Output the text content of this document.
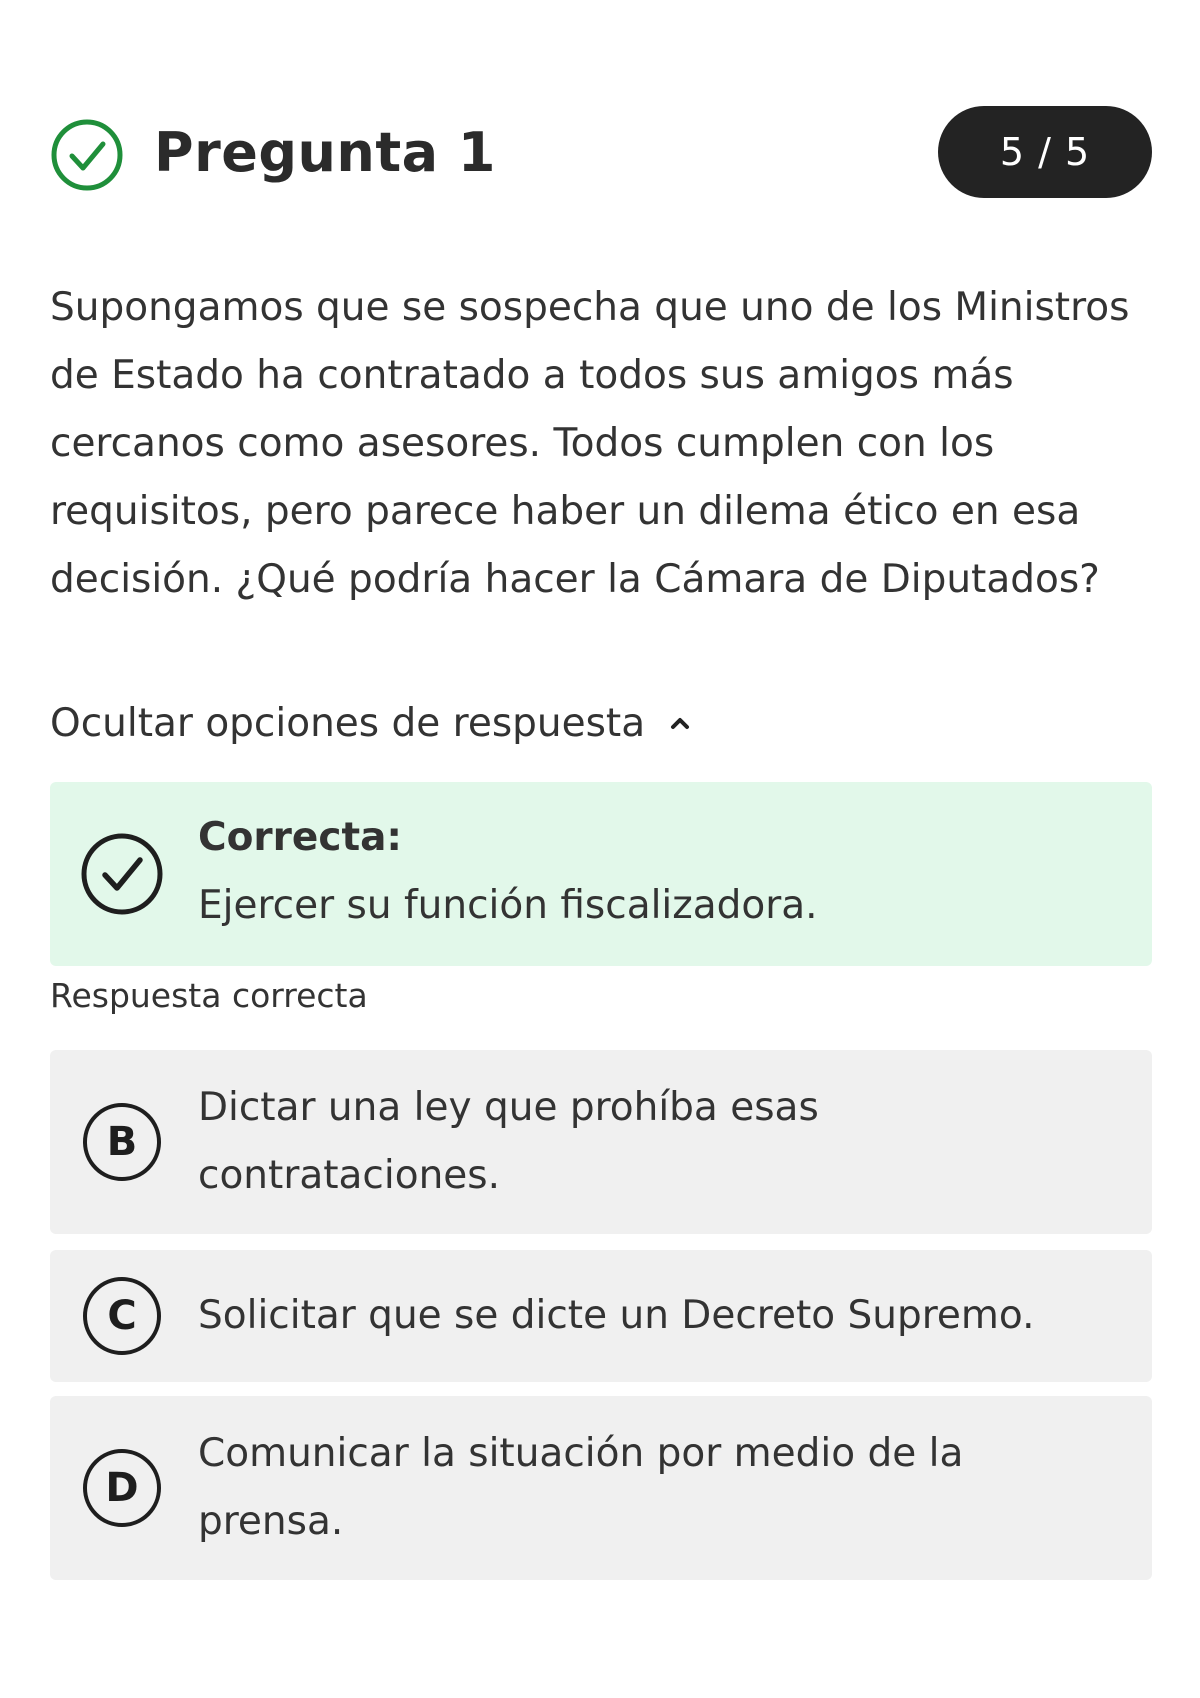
Pregunta 1	5 / 5

Supongamos que se sospecha que uno de los Ministros de Estado ha contratado a todos sus amigos más cercanos como asesores. Todos cumplen con los requisitos, pero parece haber un dilema ético en esa decisión. ¿Qué podría hacer la Cámara de Diputados?

Ocultar opciones de respuesta
Correcta:
Ejercer su función fiscalizadora.
Respuesta correcta
B
Dictar una ley que prohíba esas contrataciones.
C	Solicitar que se dicte un Decreto Supremo.
D
Comunicar la situación por medio de la prensa.
